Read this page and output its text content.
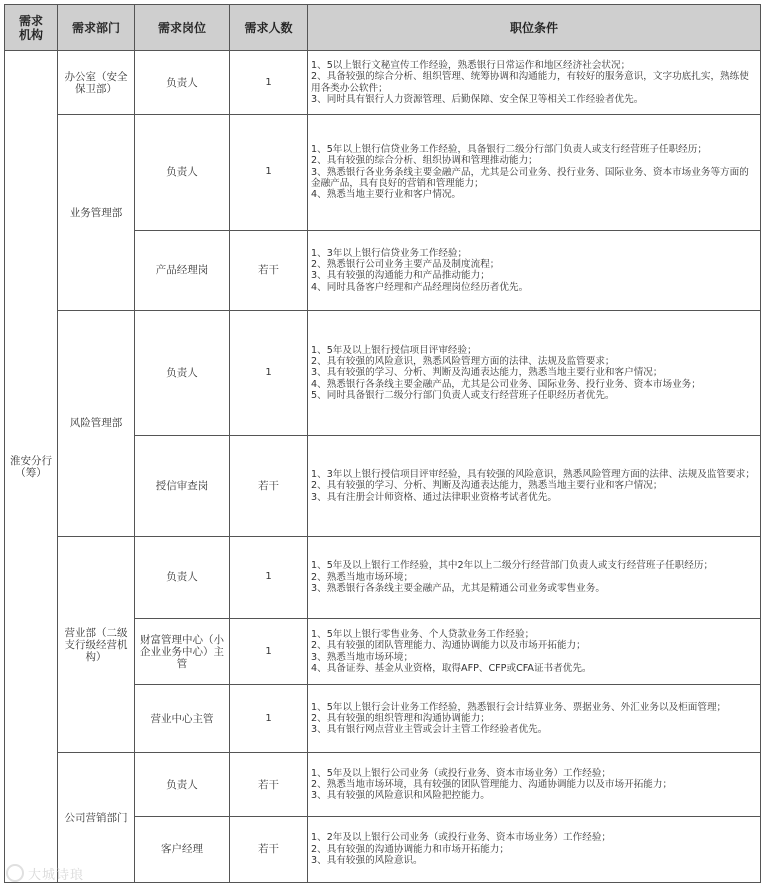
需求
机构	需求部门	需求岗位	需求人数	职位条件
淮安分行（筹）	办公室（安全保卫部）	负责人	1	1、5以上银行文秘宣传工作经验，熟悉银行日常运作和地区经济社会状况；

2、具备较强的综合分析、组织管理、统筹协调和沟通能力，有较好的服务意识，文字功底扎实，熟练使用各类办公软件；

3、同时具有银行人力资源管理、后勤保障、安全保卫等相关工作经验者优先。

	业务管理部	负责人	1	1、5年以上银行信贷业务工作经验，具备银行二级分行部门负责人或支行经营班子任职经历；

2、具有较强的综合分析、组织协调和管理推动能力；

3、熟悉银行各业务条线主要金融产品，尤其是公司业务、投行业务、国际业务、资本市场业务等方面的金融产品，具有良好的营销和管理能力；

4、熟悉当地主要行业和客户情况。

		产品经理岗	若干	1、3年以上银行信贷业务工作经验；

2、熟悉银行公司业务主要产品及制度流程；

3、具有较强的沟通能力和产品推动能力；

4、同时具备客户经理和产品经理岗位经历者优先。

	风险管理部	负责人	1	1、5年及以上银行授信项目评审经验；

2、具有较强的风险意识，熟悉风险管理方面的法律、法规及监管要求；

3、具有较强的学习、分析、判断及沟通表达能力，熟悉当地主要行业和客户情况；

4、熟悉银行各条线主要金融产品，尤其是公司业务、国际业务、投行业务、资本市场业务；

5、同时具备银行二级分行部门负责人或支行经营班子任职经历者优先。

		授信审查岗	若干	1、3年以上银行授信项目评审经验，具有较强的风险意识，熟悉风险管理方面的法律、法规及监管要求；

2、具有较强的学习、分析、判断及沟通表达能力，熟悉当地主要行业和客户情况；

3、具有注册会计师资格、通过法律职业资格考试者优先。

	营业部（二级支行级经营机构）	负责人	1	1、5年及以上银行工作经验，其中2年以上二级分行经营部门负责人或支行经营班子任职经历；

2、熟悉当地市场环境；

3、熟悉银行各条线主要金融产品，尤其是精通公司业务或零售业务。

		财富管理中心（小企业业务中心）主管	1	1、5年以上银行零售业务、个人贷款业务工作经验；

2、具有较强的团队管理能力、沟通协调能力以及市场开拓能力；

3、熟悉当地市场环境；

4、具备证券、基金从业资格，取得AFP、CFP或CFA证书者优先。

		营业中心主管	1	1、5年以上银行会计业务工作经验，熟悉银行会计结算业务、票据业务、外汇业务以及柜面管理；

2、具有较强的组织管理和沟通协调能力；

3、具有银行网点营业主管或会计主管工作经验者优先。

	公司营销部门	负责人	若干	1、5年及以上银行公司业务（或投行业务、资本市场业务）工作经验；

2、熟悉当地市场环境，具有较强的团队管理能力、沟通协调能力以及市场开拓能力；

3、具有较强的风险意识和风险把控能力。

		客户经理	若干	1、2年及以上银行公司业务（或投行业务、资本市场业务）工作经验；

2、具有较强的沟通协调能力和市场开拓能力；

3、具有较强的风险意识。

大城诗琅
